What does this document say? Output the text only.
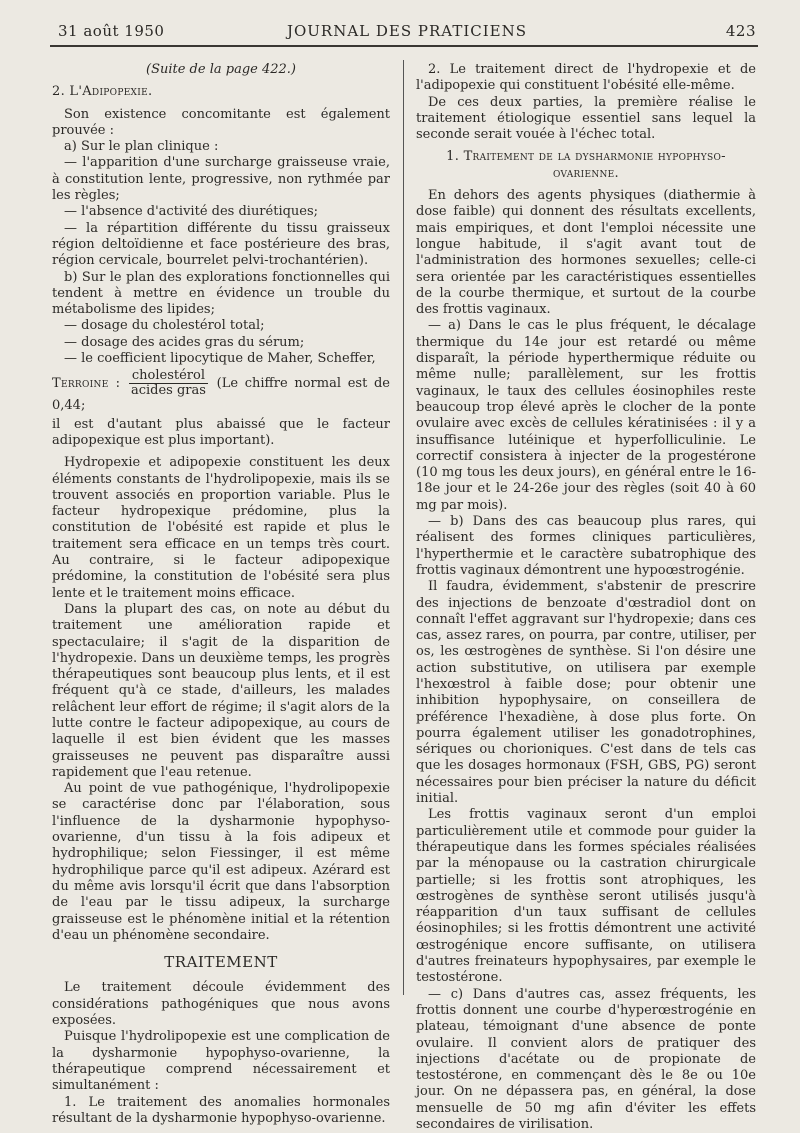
31 août 1950	JOURNAL DES PRATICIENS	423

(Suite de la page 422.)

2. L'Adipopexie.

Son existence concomitante est également prouvée :

a) Sur le plan clinique :

— l'apparition d'une surcharge graisseuse vraie, à constitution lente, progressive, non rythmée par les règles;

— l'absence d'activité des diurétiques;

— la répartition différente du tissu graisseux région deltoïdienne et face postérieure des bras, région cervicale, bourrelet pelvi-trochantérien).

b) Sur le plan des explorations fonctionnelles qui tendent à mettre en évidence un trouble du métabolisme des lipides;

— dosage du cholestérol total;

— dosage des acides gras du sérum;

— le coefficient lipocytique de Maher, Scheffer,

Terroine : $\frac{\text{cholestérol}}{\text{acides gras}} (Le$ chiffre normal est de 0,44;

il est d'autant plus abaissé que le facteur adipopexique est plus important).

Hydropexie et adipopexie constituent les deux éléments constants de l'hydrolipopexie, mais ils se trouvent associés en proportion variable. Plus le facteur hydropexique prédomine, plus la constitution de l'obésité est rapide et plus le traitement sera efficace en un temps très court. Au contraire, si le facteur adipopexique prédomine, la constitution de l'obésité sera plus lente et le traitement moins efficace.

Dans la plupart des cas, on note au début du traitement une amélioration rapide et spectaculaire; il s'agit de la disparition de l'hydropexie. Dans un deuxième temps, les progrès thérapeutiques sont beaucoup plus lents, et il est fréquent qu'à ce stade, d'ailleurs, les malades relâchent leur effort de régime; il s'agit alors de la lutte contre le facteur adipopexique, au cours de laquelle il est bien évident que les masses graisseuses ne peuvent pas disparaître aussi rapidement que l'eau retenue.

Au point de vue pathogénique, l'hydrolipopexie se caractérise donc par l'élaboration, sous l'influence de la dysharmonie hypophyso-ovarienne, d'un tissu à la fois adipeux et hydrophilique; selon Fiessinger, il est même hydrophilique parce qu'il est adipeux. Azérard est du même avis lorsqu'il écrit que dans l'absorption de l'eau par le tissu adipeux, la surcharge graisseuse est le phénomène initial et la rétention d'eau un phénomène secondaire.

TRAITEMENT

Le traitement découle évidemment des considérations pathogéniques que nous avons exposées.

Puisque l'hydrolipopexie est une complication de la dysharmonie hypophyso-ovarienne, la thérapeutique comprend nécessairement et simultanément :

1. Le traitement des anomalies hormonales résultant de la dysharmonie hypophyso-ovarienne.

2. Le traitement direct de l'hydropexie et de l'adipopexie qui constituent l'obésité elle-même.

De ces deux parties, la première réalise le traitement étiologique essentiel sans lequel la seconde serait vouée à l'échec total.

1. Traitement de la dysharmonie hypophyso-ovarienne.

En dehors des agents physiques (diathermie à dose faible) qui donnent des résultats excellents, mais empiriques, et dont l'emploi nécessite une longue habitude, il s'agit avant tout de l'administration des hormones sexuelles; celle-ci sera orientée par les caractéristiques essentielles de la courbe thermique, et surtout de la courbe des frottis vaginaux.

— a) Dans le cas le plus fréquent, le décalage thermique du 14e jour est retardé ou même disparaît, la période hyperthermique réduite ou même nulle; parallèlement, sur les frottis vaginaux, le taux des cellules éosinophiles reste beaucoup trop élevé après le clocher de la ponte ovulaire avec excès de cellules kératinisées : il y a insuffisance lutéinique et hyperfolliculinie. Le correctif consistera à injecter de la progestérone (10 mg tous les deux jours), en général entre le 16-18e jour et le 24-26e jour des règles (soit 40 à 60 mg par mois).

— b) Dans des cas beaucoup plus rares, qui réalisent des formes cliniques particulières, l'hyperthermie et le caractère subatrophique des frottis vaginaux démontrent une hypoœstrogénie.

Il faudra, évidemment, s'abstenir de prescrire des injections de benzoate d'œstradiol dont on connaît l'effet aggravant sur l'hydropexie; dans ces cas, assez rares, on pourra, par contre, utiliser, per os, les œstrogènes de synthèse. Si l'on désire une action substitutive, on utilisera par exemple l'hexœstrol à faible dose; pour obtenir une inhibition hypophysaire, on conseillera de préférence l'hexadiène, à dose plus forte. On pourra également utiliser les gonadotrophines, sériques ou chorioniques. C'est dans de tels cas que les dosages hormonaux (FSH, GBS, PG) seront nécessaires pour bien préciser la nature du déficit initial.

Les frottis vaginaux seront d'un emploi particulièrement utile et commode pour guider la thérapeutique dans les formes spéciales réalisées par la ménopause ou la castration chirurgicale partielle; si les frottis sont atrophiques, les œstrogènes de synthèse seront utilisés jusqu'à réapparition d'un taux suffisant de cellules éosinophiles; si les frottis démontrent une activité œstrogénique encore suffisante, on utilisera d'autres freinateurs hypophysaires, par exemple le testostérone.

— c) Dans d'autres cas, assez fréquents, les frottis donnent une courbe d'hyperœstrogénie en plateau, témoignant d'une absence de ponte ovulaire. Il convient alors de pratiquer des injections d'acétate ou de propionate de testostérone, en commençant dès le 8e ou 10e jour. On ne dépassera pas, en général, la dose mensuelle de 50 mg afin d'éviter les effets secondaires de virilisation.
